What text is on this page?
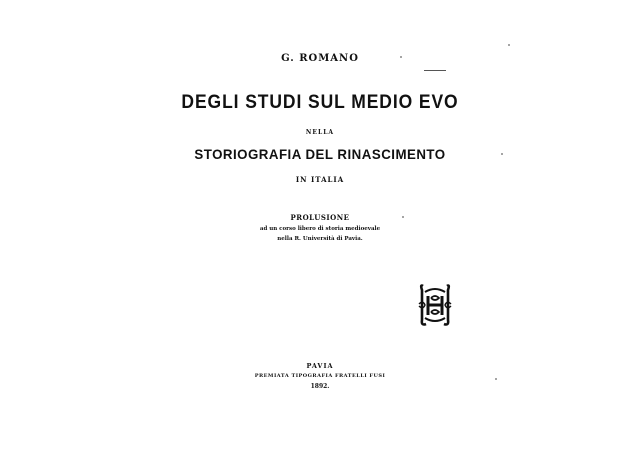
G. ROMANO
DEGLI STUDI SUL MEDIO EVO
NELLA
STORIOGRAFIA DEL RINASCIMENTO
IN ITALIA
PROLUSIONE
ad un corso libero di storia medioevale
nella R. Università di Pavia.
PAVIA
PREMIATA TIPOGRAFIA FRATELLI FUSI
1892.
